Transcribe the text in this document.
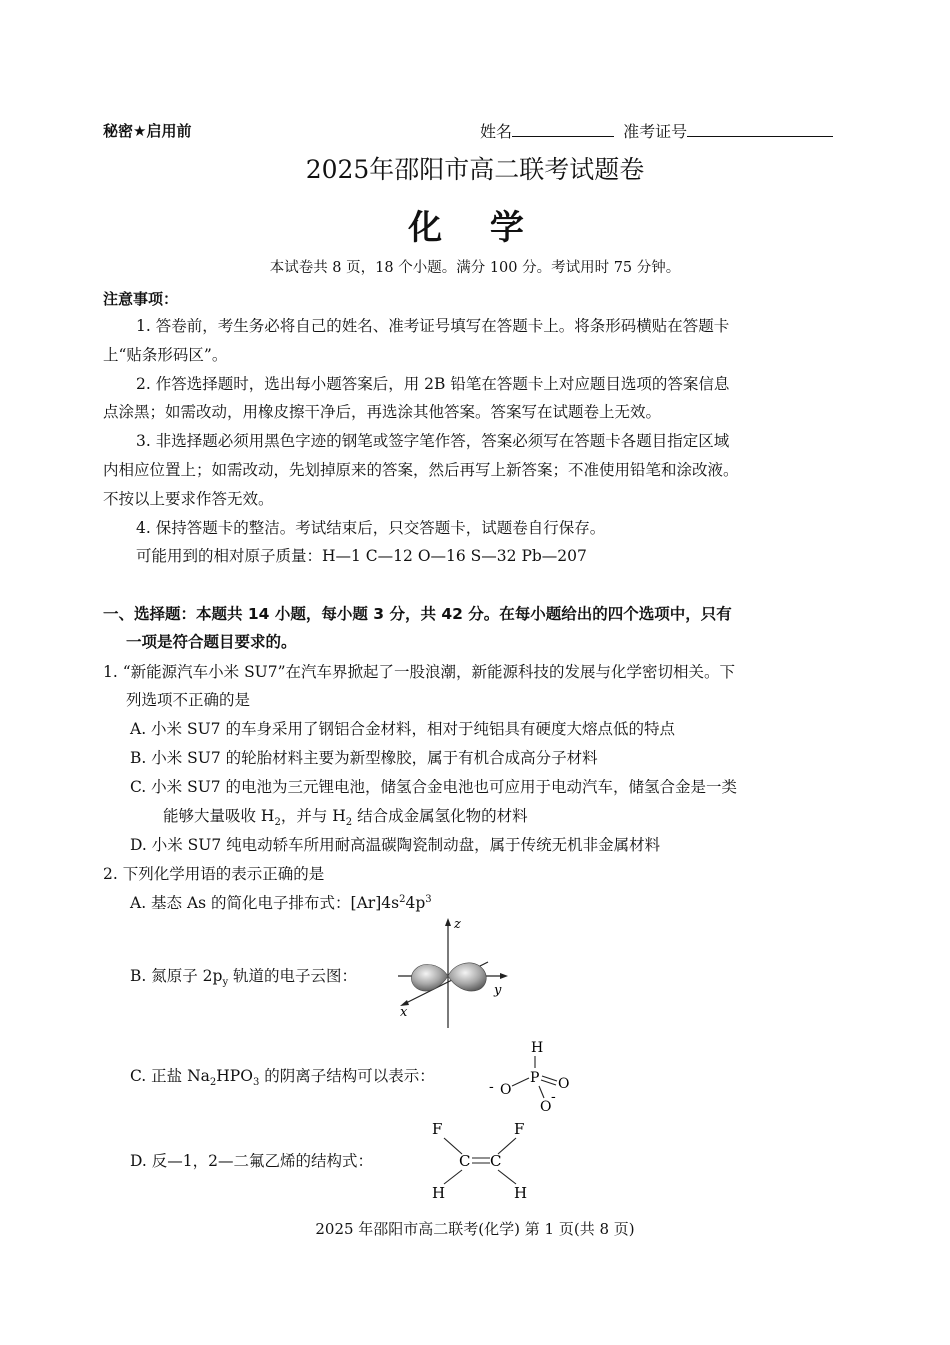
秘密★启用前	姓名	准考证号
2025年邵阳市高二联考试题卷
化 学
本试卷共 8 页，18 个小题。满分 100 分。考试用时 75 分钟。
注意事项：
1. 答卷前，考生务必将自己的姓名、准考证号填写在答题卡上。将条形码横贴在答题卡
上“贴条形码区”。
2. 作答选择题时，选出每小题答案后，用 2B 铅笔在答题卡上对应题目选项的答案信息
点涂黑；如需改动，用橡皮擦干净后，再选涂其他答案。答案写在试题卷上无效。
3. 非选择题必须用黑色字迹的钢笔或签字笔作答，答案必须写在答题卡各题目指定区域
内相应位置上；如需改动，先划掉原来的答案，然后再写上新答案；不准使用铅笔和涂改液。
不按以上要求作答无效。
4. 保持答题卡的整洁。考试结束后，只交答题卡，试题卷自行保存。
可能用到的相对原子质量：H—1 C—12 O—16 S—32 Pb—207
一、选择题：本题共 14 小题，每小题 3 分，共 42 分。在每小题给出的四个选项中，只有
一项是符合题目要求的。
1. “新能源汽车小米 SU7”在汽车界掀起了一股浪潮，新能源科技的发展与化学密切相关。下
列选项不正确的是
A. 小米 SU7 的车身采用了钢铝合金材料，相对于纯铝具有硬度大熔点低的特点
B. 小米 SU7 的轮胎材料主要为新型橡胶，属于有机合成高分子材料
C. 小米 SU7 的电池为三元锂电池，储氢合金电池也可应用于电动汽车，储氢合金是一类
能够大量吸收 $H_2$，并与 $H_2$ 结合成金属氢化物的材料
D. 小米 SU7 纯电动轿车所用耐高温碳陶瓷制动盘，属于传统无机非金属材料
2. 下列化学用语的表示正确的是
A. 基态 As 的简化电子排布式：$[Ar]4s^24p^3$
B. 氮原子 $2p_y$ 轨道的电子云图：
z
y
x
C. 正盐 $Na_2HPO_3$ 的阴离子结构可以表示：
H
P
- O	O
O
-
D. 反—1，2—二氟乙烯的结构式：
F	F
C C
H	H
2025 年邵阳市高二联考(化学) 第 1 页(共 8 页)
